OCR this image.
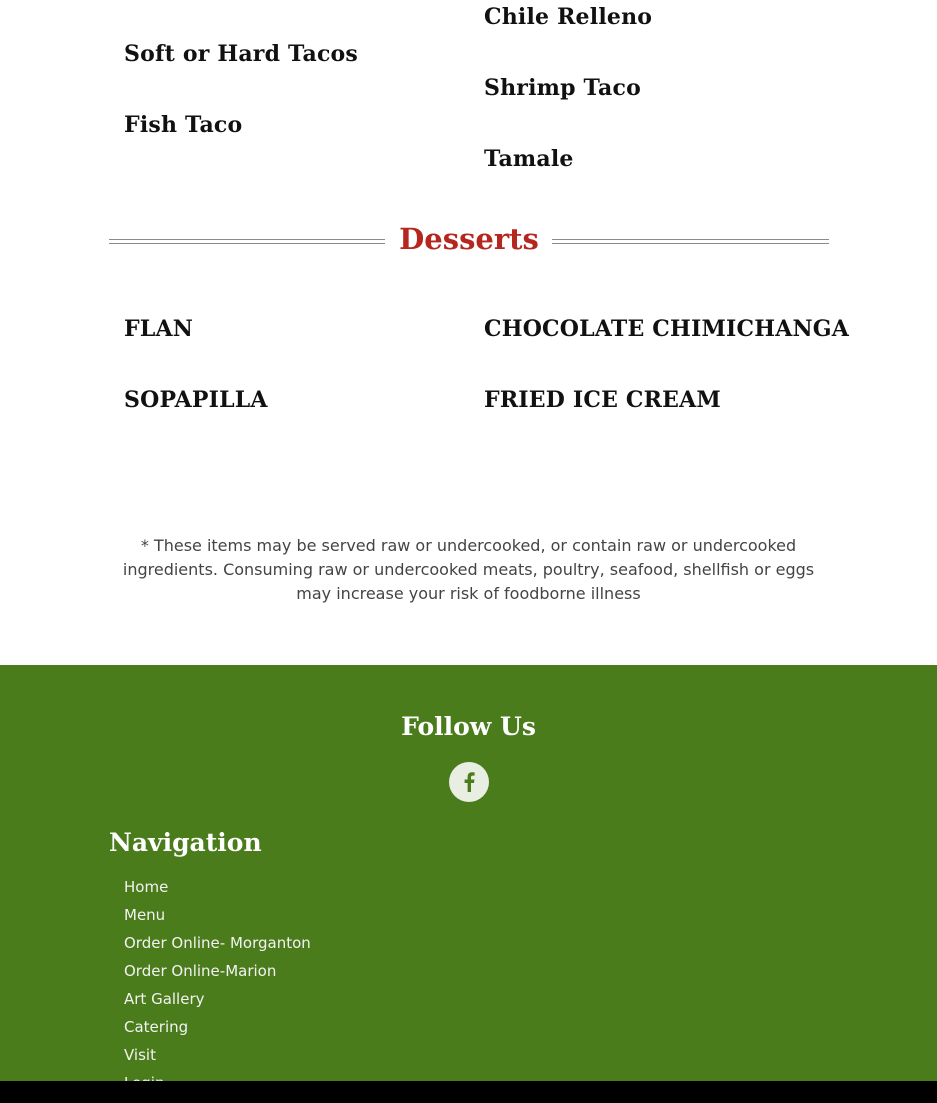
Chile Relleno
Soft or Hard Tacos
Shrimp Taco
Fish Taco
Tamale
Desserts
FLAN	CHOCOLATE CHIMICHANGA
SOPAPILLA	FRIED ICE CREAM

* These items may be served raw or undercooked, or contain raw or undercooked ingredients. Consuming raw or undercooked meats, poultry, seafood, shellfish or eggs may increase your risk of foodborne illness

Follow Us
Navigation
Home
Menu
Order Online- Morganton
Order Online-Marion
Art Gallery
Catering
Visit
